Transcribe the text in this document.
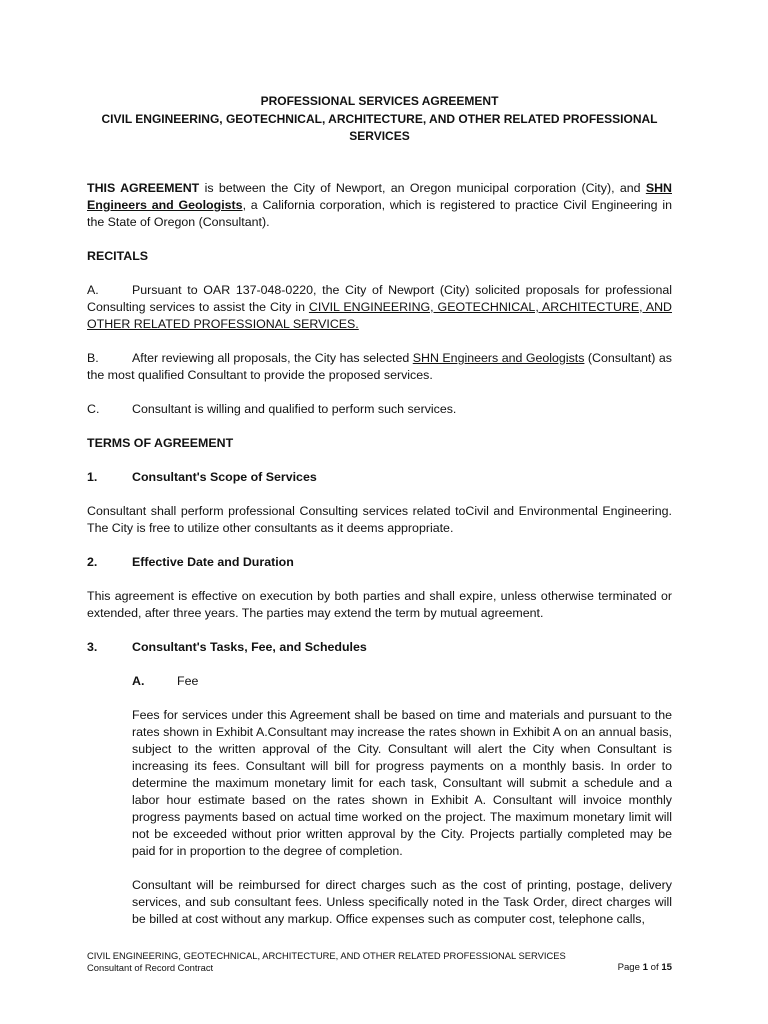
PROFESSIONAL SERVICES AGREEMENT

CIVIL ENGINEERING, GEOTECHNICAL, ARCHITECTURE, AND OTHER RELATED PROFESSIONAL SERVICES

THIS AGREEMENT is between the City of Newport, an Oregon municipal corporation (City), and SHN Engineers and Geologists, a California corporation, which is registered to practice Civil Engineering in the State of Oregon (Consultant).

RECITALS

A.	Pursuant to OAR 137-048-0220, the City of Newport (City) solicited proposals for professional Consulting services to assist the City in CIVIL ENGINEERING, GEOTECHNICAL, ARCHITECTURE, AND OTHER RELATED PROFESSIONAL SERVICES.

B.	After reviewing all proposals, the City has selected SHN Engineers and Geologists (Consultant) as the most qualified Consultant to provide the proposed services.

C.	Consultant is willing and qualified to perform such services.

TERMS OF AGREEMENT

1.	Consultant's Scope of Services

Consultant shall perform professional Consulting services related toCivil and Environmental Engineering. The City is free to utilize other consultants as it deems appropriate.

2.	Effective Date and Duration

This agreement is effective on execution by both parties and shall expire, unless otherwise terminated or extended, after three years. The parties may extend the term by mutual agreement.

3.	Consultant's Tasks, Fee, and Schedules

A.	Fee

Fees for services under this Agreement shall be based on time and materials and pursuant to the rates shown in Exhibit A.Consultant may increase the rates shown in Exhibit A on an annual basis, subject to the written approval of the City. Consultant will alert the City when Consultant is increasing its fees. Consultant will bill for progress payments on a monthly basis. In order to determine the maximum monetary limit for each task, Consultant will submit a schedule and a labor hour estimate based on the rates shown in Exhibit A. Consultant will invoice monthly progress payments based on actual time worked on the project. The maximum monetary limit will not be exceeded without prior written approval by the City. Projects partially completed may be paid for in proportion to the degree of completion.

Consultant will be reimbursed for direct charges such as the cost of printing, postage, delivery services, and sub consultant fees. Unless specifically noted in the Task Order, direct charges will be billed at cost without any markup. Office expenses such as computer cost, telephone calls,

CIVIL ENGINEERING, GEOTECHNICAL, ARCHITECTURE, AND OTHER RELATED PROFESSIONAL SERVICES
Consultant of Record Contract	Page 1 of 15
